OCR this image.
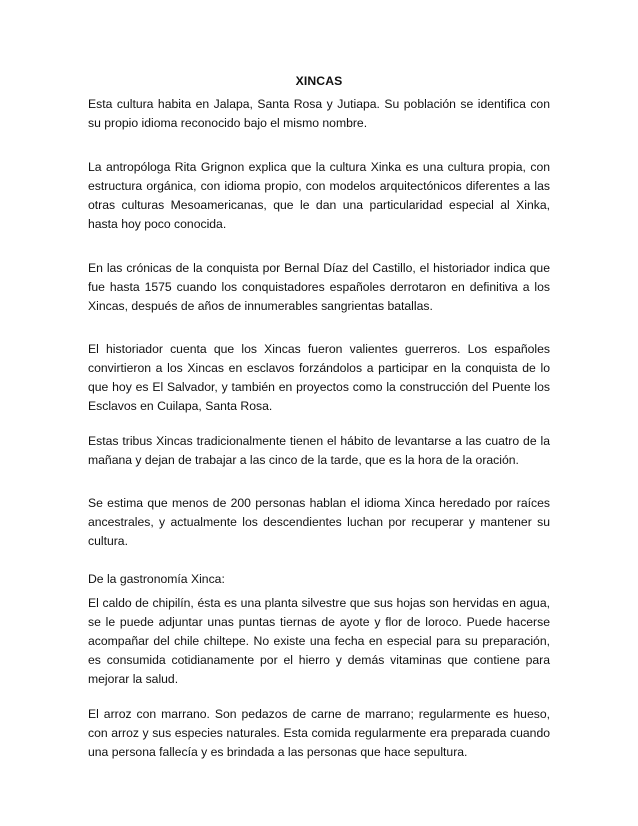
XINCAS

Esta cultura habita en Jalapa, Santa Rosa y Jutiapa. Su población se identifica con su propio idioma reconocido bajo el mismo nombre.

La antropóloga Rita Grignon explica que la cultura Xinka es una cultura propia, con estructura orgánica, con idioma propio, con modelos arquitectónicos diferentes a las otras culturas Mesoamericanas, que le dan una particularidad especial al Xinka, hasta hoy poco conocida.

En las crónicas de la conquista por Bernal Díaz del Castillo, el historiador indica que fue hasta 1575 cuando los conquistadores españoles derrotaron en definitiva a los Xincas, después de años de innumerables sangrientas batallas.

El historiador cuenta que los Xincas fueron valientes guerreros. Los españoles convirtieron a los Xincas en esclavos forzándolos a participar en la conquista de lo que hoy es El Salvador, y también en proyectos como la construcción del Puente los Esclavos en Cuilapa, Santa Rosa.

Estas tribus Xincas tradicionalmente tienen el hábito de levantarse a las cuatro de la mañana y dejan de trabajar a las cinco de la tarde, que es la hora de la oración.

Se estima que menos de 200 personas hablan el idioma Xinca heredado por raíces ancestrales, y actualmente los descendientes luchan por recuperar y mantener su cultura.

De la gastronomía Xinca:

El caldo de chipilín, ésta es una planta silvestre que sus hojas son hervidas en agua, se le puede adjuntar unas puntas tiernas de ayote y flor de loroco. Puede hacerse acompañar del chile chiltepe. No existe una fecha en especial para su preparación, es consumida cotidianamente por el hierro y demás vitaminas que contiene para mejorar la salud.

El arroz con marrano. Son pedazos de carne de marrano; regularmente es hueso, con arroz y sus especies naturales. Esta comida regularmente era preparada cuando una persona fallecía y es brindada a las personas que hace sepultura.
